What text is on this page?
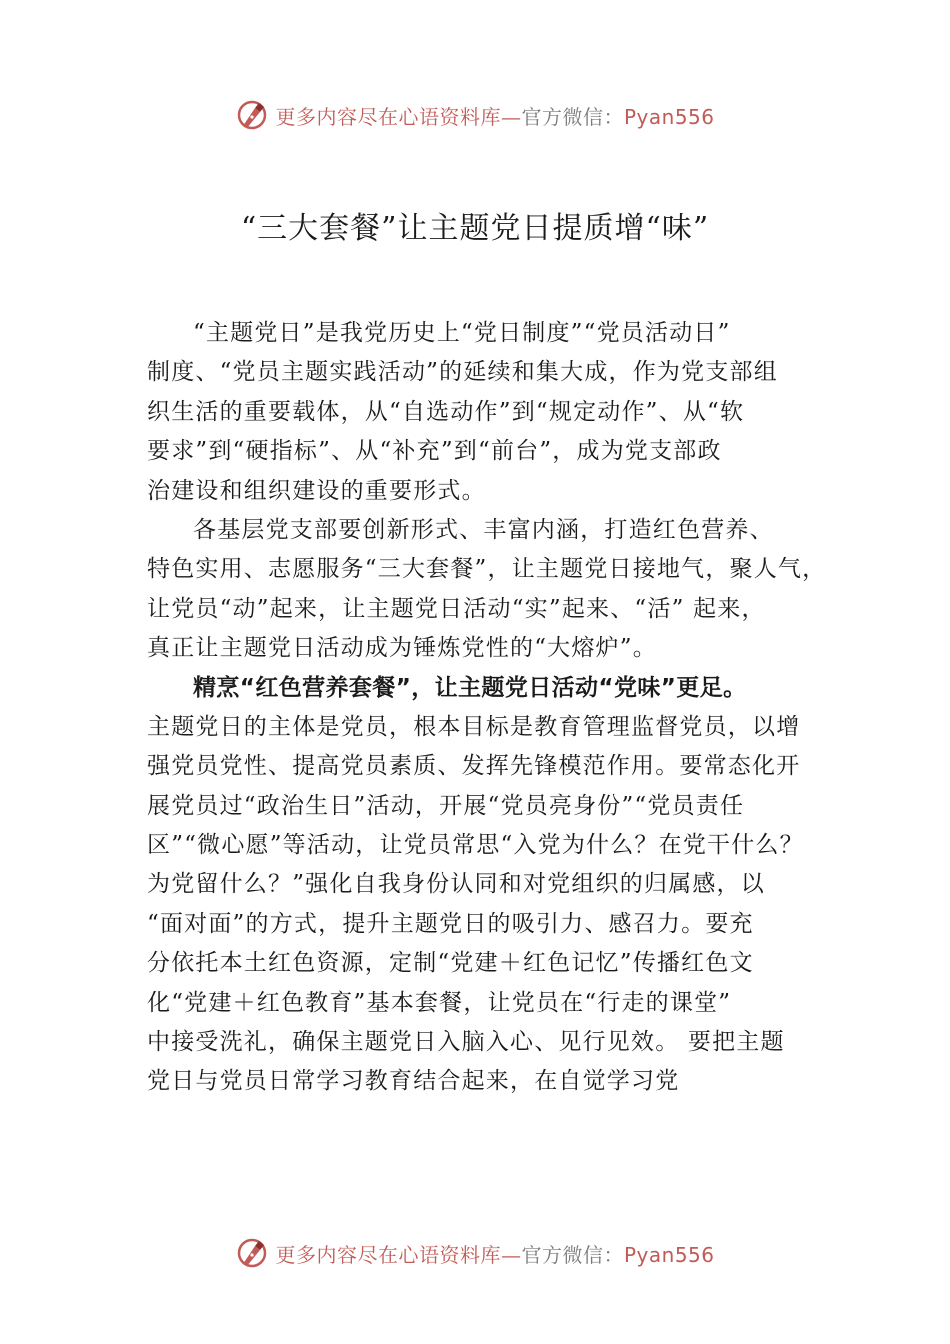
更多内容尽在心语资料库—官方微信：Pyan556
“三大套餐”让主题党日提质增“味”
“主题党日”是我党历史上“党日制度”“党员活动日”
制度、“党员主题实践活动”的延续和集大成，作为党支部组
织生活的重要载体，从“自选动作”到“规定动作”、从“软
要求”到“硬指标”、从“补充”到“前台”，成为党支部政
治建设和组织建设的重要形式。
各基层党支部要创新形式、丰富内涵，打造红色营养、
特色实用、志愿服务“三大套餐”，让主题党日接地气，聚人气，
让党员“动”起来，让主题党日活动“实”起来、“活” 起来，
真正让主题党日活动成为锤炼党性的“大熔炉”。
精烹“红色营养套餐”，让主题党日活动“党味”更足。
主题党日的主体是党员，根本目标是教育管理监督党员，以增
强党员党性、提高党员素质、发挥先锋模范作用。要常态化开
展党员过“政治生日”活动，开展“党员亮身份”“党员责任
区”“微心愿”等活动，让党员常思“入党为什么？在党干什么？
为党留什么？”强化自我身份认同和对党组织的归属感，以
“面对面”的方式，提升主题党日的吸引力、感召力。要充
分依托本土红色资源，定制“党建＋红色记忆”传播红色文
化“党建＋红色教育”基本套餐，让党员在“行走的课堂”
中接受洗礼，确保主题党日入脑入心、见行见效。 要把主题
党日与党员日常学习教育结合起来，在自觉学习党
更多内容尽在心语资料库—官方微信：Pyan556
